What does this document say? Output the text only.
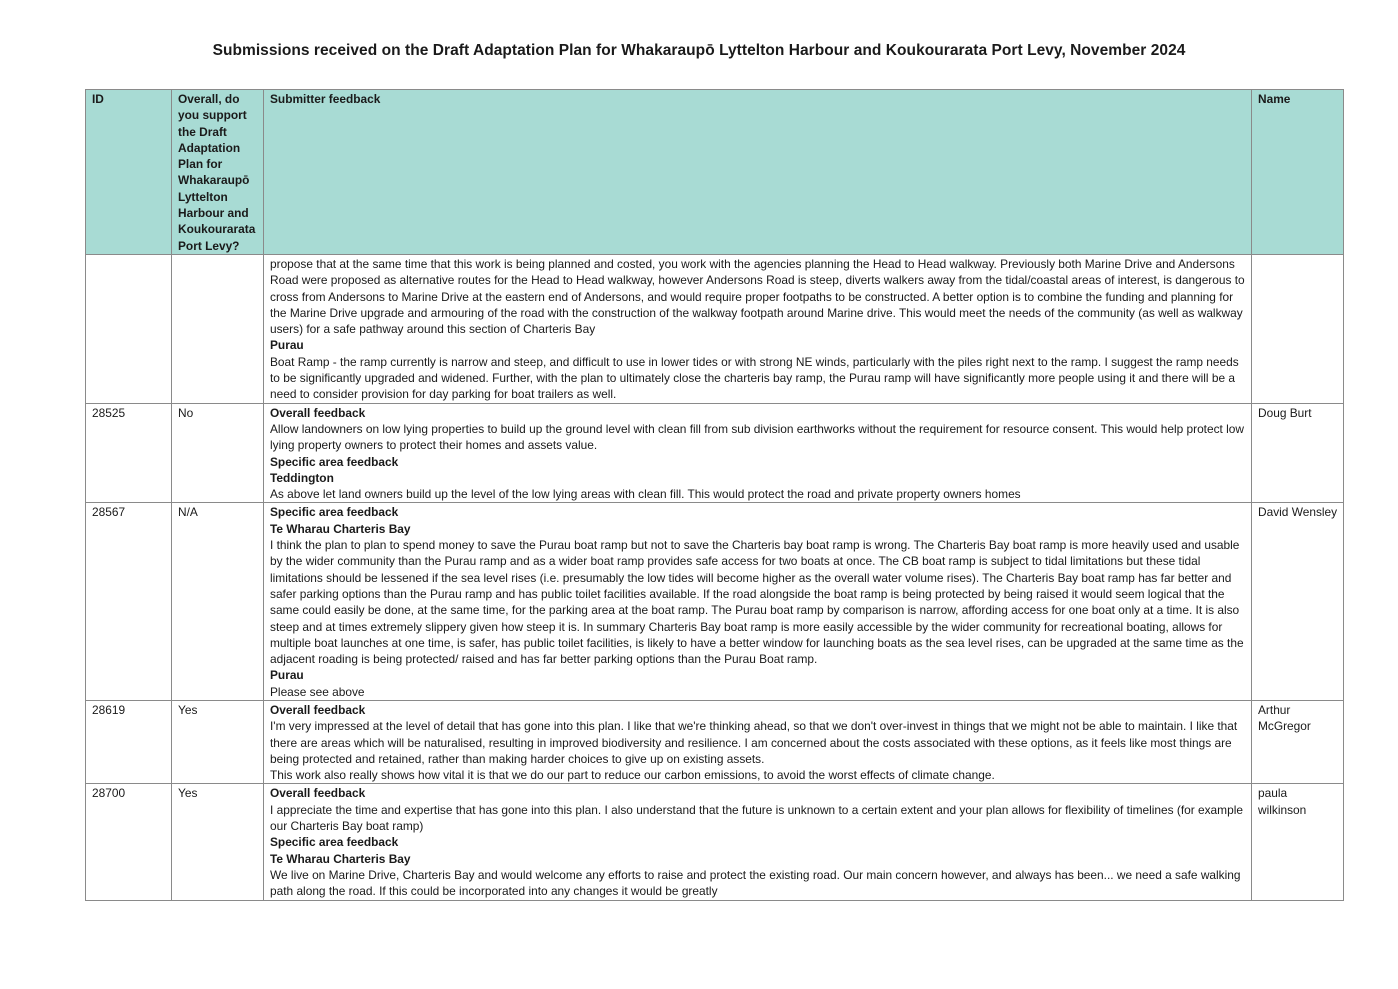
Submissions received on the Draft Adaptation Plan for Whakaraupō Lyttelton Harbour and Koukourarata Port Levy, November 2024
ID	Overall, do you support the Draft Adaptation Plan for Whakaraupō Lyttelton Harbour and Koukourarata Port Levy?	Submitter feedback	Name

		propose that at the same time that this work is being planned and costed, you work with the agencies planning the Head to Head walkway. Previously both Marine Drive and Andersons Road were proposed as alternative routes for the Head to Head walkway, however Andersons Road is steep, diverts walkers away from the tidal/coastal areas of interest, is dangerous to cross from Andersons to Marine Drive at the eastern end of Andersons, and would require proper footpaths to be constructed. A better option is to combine the funding and planning for the Marine Drive upgrade and armouring of the road with the construction of the walkway footpath around Marine drive. This would meet the needs of the community (as well as walkway users) for a safe pathway around this section of Charteris Bay
Purau
Boat Ramp - the ramp currently is narrow and steep, and difficult to use in lower tides or with strong NE winds, particularly with the piles right next to the ramp. I suggest the ramp needs to be significantly upgraded and widened. Further, with the plan to ultimately close the charteris bay ramp, the Purau ramp will have significantly more people using it and there will be a need to consider provision for day parking for boat trailers as well.	

28525	No	Overall feedback
Allow landowners on low lying properties to build up the ground level with clean fill from sub division earthworks without the requirement for resource consent. This would help protect low lying property owners to protect their homes and assets value.
Specific area feedback
Teddington
As above let land owners build up the level of the low lying areas with clean fill. This would protect the road and private property owners homes	Doug Burt
28567	N/A	Specific area feedback
Te Wharau Charteris Bay
I think the plan to plan to spend money to save the Purau boat ramp but not to save the Charteris bay boat ramp is wrong. The Charteris Bay boat ramp is more heavily used and usable by the wider community than the Purau ramp and as a wider boat ramp provides safe access for two boats at once. The CB boat ramp is subject to tidal limitations but these tidal limitations should be lessened if the sea level rises (i.e. presumably the low tides will become higher as the overall water volume rises). The Charteris Bay boat ramp has far better and safer parking options than the Purau ramp and has public toilet facilities available. If the road alongside the boat ramp is being protected by being raised it would seem logical that the same could easily be done, at the same time, for the parking area at the boat ramp. The Purau boat ramp by comparison is narrow, affording access for one boat only at a time. It is also steep and at times extremely slippery given how steep it is. In summary Charteris Bay boat ramp is more easily accessible by the wider community for recreational boating, allows for multiple boat launches at one time, is safer, has public toilet facilities, is likely to have a better window for launching boats as the sea level rises, can be upgraded at the same time as the adjacent roading is being protected/ raised and has far better parking options than the Purau Boat ramp.
Purau
Please see above	David Wensley
28619	Yes	Overall feedback
I'm very impressed at the level of detail that has gone into this plan. I like that we're thinking ahead, so that we don't over-invest in things that we might not be able to maintain. I like that there are areas which will be naturalised, resulting in improved biodiversity and resilience. I am concerned about the costs associated with these options, as it feels like most things are being protected and retained, rather than making harder choices to give up on existing assets.
This work also really shows how vital it is that we do our part to reduce our carbon emissions, to avoid the worst effects of climate change.	Arthur McGregor
28700	Yes	Overall feedback
I appreciate the time and expertise that has gone into this plan. I also understand that the future is unknown to a certain extent and your plan allows for flexibility of timelines (for example our Charteris Bay boat ramp)
Specific area feedback
Te Wharau Charteris Bay
We live on Marine Drive, Charteris Bay and would welcome any efforts to raise and protect the existing road. Our main concern however, and always has been... we need a safe walking path along the road. If this could be incorporated into any changes it would be greatly	paula wilkinson
